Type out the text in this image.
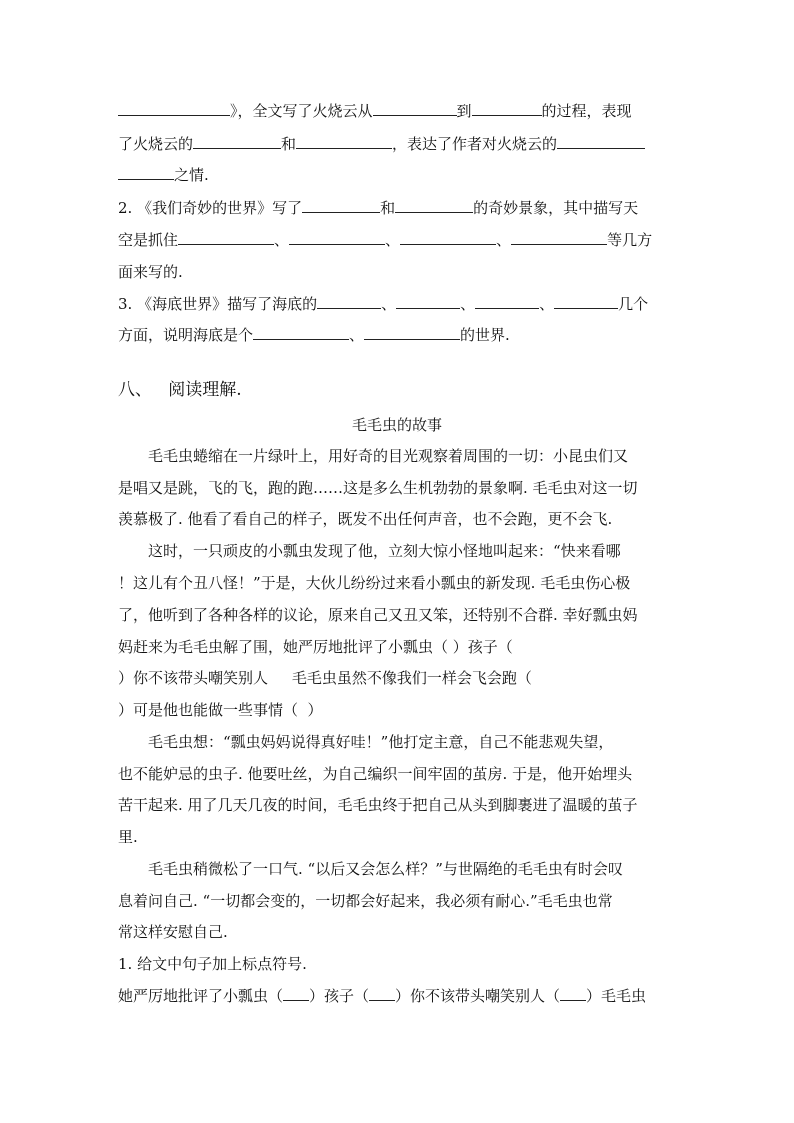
》，全文写了火烧云从	到	的过程，表现
了火烧云的	和	，表达了作者对火烧云的
之情.
2. 《我们奇妙的世界》写了	和	的奇妙景象，其中描写天
空是抓住	、	、	、	等几方
面来写的.
3. 《海底世界》描写了海底的	、	、	、	几个
方面，说明海底是个	、	的世界.
八、   阅读理解.
毛毛虫的故事
毛毛虫蜷缩在一片绿叶上，用好奇的目光观察着周围的一切：小昆虫们又
是唱又是跳，飞的飞，跑的跑……这是多么生机勃勃的景象啊. 毛毛虫对这一切
羡慕极了. 他看了看自己的样子，既发不出任何声音，也不会跑，更不会飞.
这时，一只顽皮的小瓢虫发现了他，立刻大惊小怪地叫起来：“快来看哪
！这儿有个丑八怪！”于是，大伙儿纷纷过来看小瓢虫的新发现. 毛毛虫伤心极
了，他听到了各种各样的议论，原来自己又丑又笨，还特别不合群. 幸好瓢虫妈
妈赶来为毛毛虫解了围，她严厉地批评了小瓢虫（ ）孩子（
）你不该带头嘲笑别人     毛毛虫虽然不像我们一样会飞会跑（
）可是他也能做一些事情（  ）
毛毛虫想：“瓢虫妈妈说得真好哇！”他打定主意，自己不能悲观失望，
也不能妒忌的虫子. 他要吐丝，为自己编织一间牢固的茧房. 于是，他开始埋头
苦干起来. 用了几天几夜的时间，毛毛虫终于把自己从头到脚裹进了温暖的茧子
里.
毛毛虫稍微松了一口气. “以后又会怎么样？”与世隔绝的毛毛虫有时会叹
息着问自己. “一切都会变的，一切都会好起来，我必须有耐心.”毛毛虫也常
常这样安慰自己.
1. 给文中句子加上标点符号.
她严厉地批评了小瓢虫（ ）孩子（ ）你不该带头嘲笑别人（ ）毛毛虫
